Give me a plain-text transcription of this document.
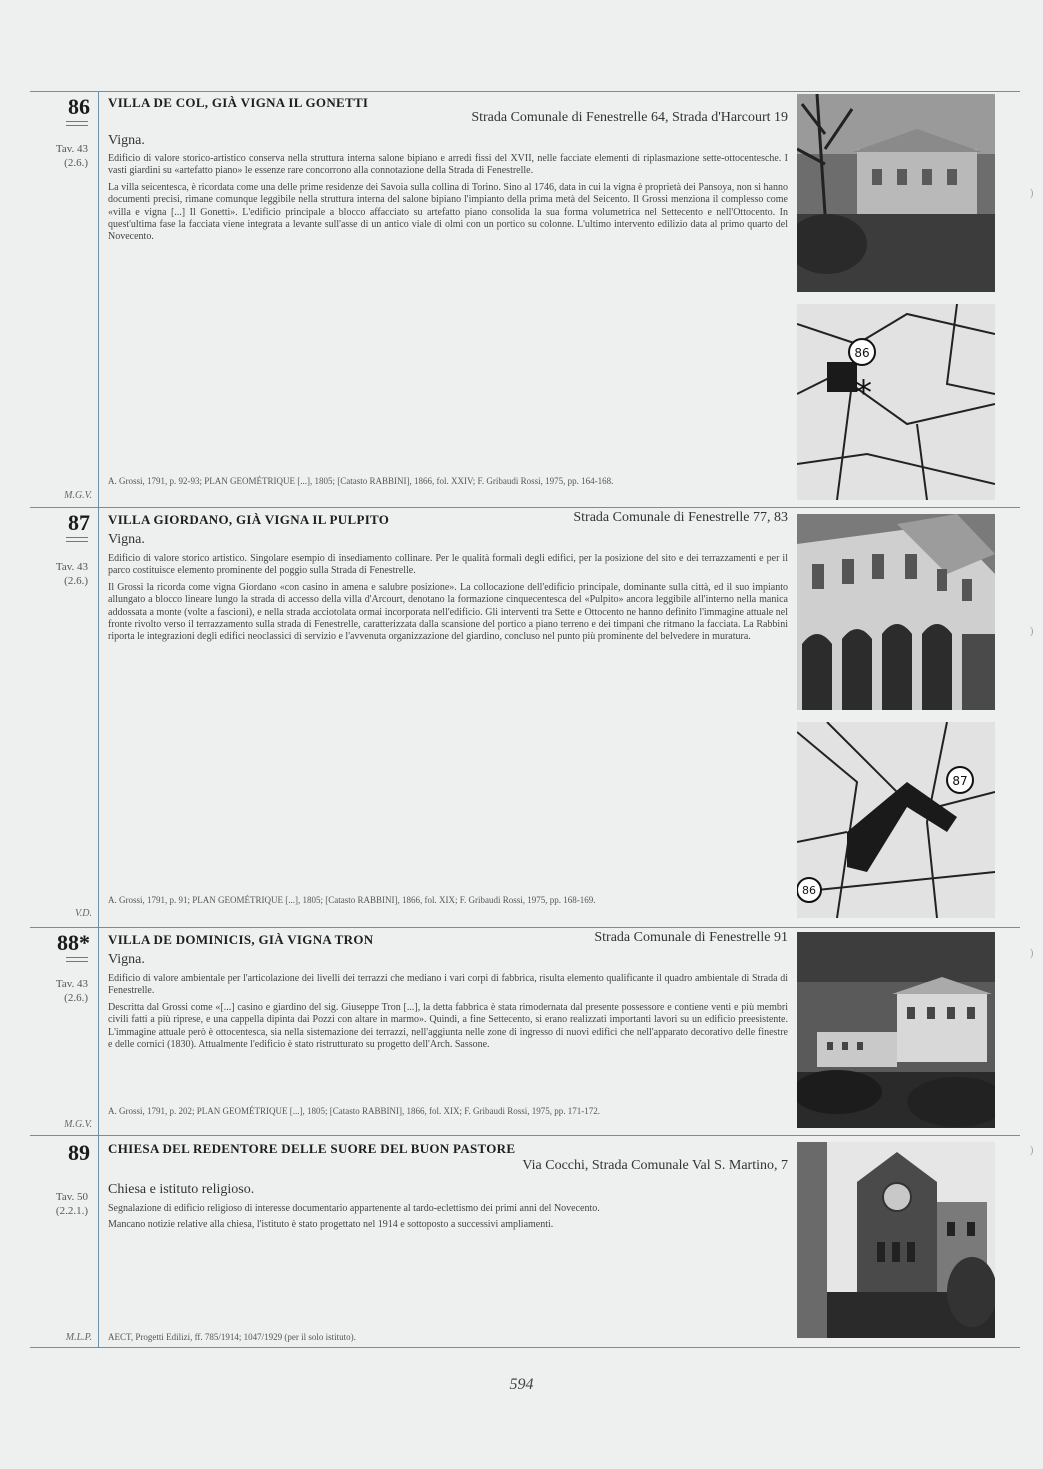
86
Tav. 43
(2.6.)
M.G.V.
VILLA DE COL, GIÀ VIGNA IL GONETTI
Strada Comunale di Fenestrelle 64, Strada d'Harcourt 19
Vigna.

Edificio di valore storico-artistico conserva nella struttura interna salone bipiano e arredi fissi del XVII, nelle facciate elementi di riplasmazione sette-ottocentesche. I vasti giardini su «artefatto piano» le essenze rare concorrono alla connotazione della Strada di Fenestrelle.

La villa seicentesca, è ricordata come una delle prime residenze dei Savoia sulla collina di Torino. Sino al 1746, data in cui la vigna è proprietà dei Pansoya, non si hanno documenti precisi, rimane comunque leggibile nella struttura interna del salone bipiano l'impianto della prima metà del Seicento. Il Grossi menziona il complesso come «villa e vigna [...] Il Gonetti». L'edificio principale a blocco affacciato su artefatto piano consolida la sua forma volumetrica nel Settecento e nell'Ottocento. In quest'ultima fase la facciata viene integrata a levante sull'asse di un antico viale di olmi con un portico su colonne. L'ultimo intervento edilizio data al primo quarto del Novecento.

A. Grossi, 1791, p. 92-93; PLAN GEOMÉTRIQUE [...], 1805; [Catasto RABBINI], 1866, fol. XXIV; F. Gribaudi Rossi, 1975, pp. 164-168.
*
86
87
Tav. 43
(2.6.)
V.D.
VILLA GIORDANO, GIÀ VIGNA IL PULPITO	Strada Comunale di Fenestrelle 77, 83
Vigna.

Edificio di valore storico artistico. Singolare esempio di insediamento collinare. Per le qualità formali degli edifici, per la posizione del sito e dei terrazzamenti e per il parco costituisce elemento prominente del poggio sulla Strada di Fenestrelle.

Il Grossi la ricorda come vigna Giordano «con casino in amena e salubre posizione». La collocazione dell'edificio principale, dominante sulla città, ed il suo impianto allungato a blocco lineare lungo la strada di accesso della villa d'Arcourt, denotano la formazione cinquecentesca del «Pulpito» ancora leggibile all'interno nella manica addossata a monte (volte a fascioni), e nella strada acciotolata ormai incorporata nell'edificio. Gli interventi tra Sette e Ottocento ne hanno definito l'immagine attuale nel fronte rivolto verso il terrazzamento sulla strada di Fenestrelle, caratterizzata dalla scansione del portico a piano terreno e dei timpani che ritmano la facciata. La Rabbini riporta le integrazioni degli edifici neoclassici di servizio e l'avvenuta organizzazione del giardino, concluso nel punto più prominente del belvedere in muratura.

A. Grossi, 1791, p. 91; PLAN GEOMÉTRIQUE [...], 1805; [Catasto RABBINI], 1866, fol. XIX; F. Gribaudi Rossi, 1975, pp. 168-169.
87
86
88*
Tav. 43
(2.6.)
M.G.V.
VILLA DE DOMINICIS, GIÀ VIGNA TRON	Strada Comunale di Fenestrelle 91
Vigna.

Edificio di valore ambientale per l'articolazione dei livelli dei terrazzi che mediano i vari corpi di fabbrica, risulta elemento qualificante il quadro ambientale di Strada di Fenestrelle.

Descritta dal Grossi come «[...] casino e giardino del sig. Giuseppe Tron [...], la detta fabbrica è stata rimodernata dal presente possessore e contiene venti e più membri civili fatti a più riprese, e una cappella dipinta dai Pozzi con altare in marmo». Quindi, a fine Settecento, si erano realizzati importanti lavori su un edificio preesistente. L'immagine attuale però è ottocentesca, sia nella sistemazione dei terrazzi, nell'aggiunta nelle zone di ingresso di nuovi edifici che nell'apparato decorativo delle finestre e delle cornici (1830). Attualmente l'edificio è stato ristrutturato su progetto dell'Arch. Sassone.

A. Grossi, 1791, p. 202; PLAN GEOMÉTRIQUE [...], 1805; [Catasto RABBINI], 1866, fol. XIX; F. Gribaudi Rossi, 1975, pp. 171-172.
89
Tav. 50
(2.2.1.)
M.L.P.
CHIESA DEL REDENTORE DELLE SUORE DEL BUON PASTORE
Via Cocchi, Strada Comunale Val S. Martino, 7
Chiesa e istituto religioso.

Segnalazione di edificio religioso di interesse documentario appartenente al tardo-eclettismo dei primi anni del Novecento.

Mancano notizie relative alla chiesa, l'istituto è stato progettato nel 1914 e sottoposto a successivi ampliamenti.

AECT, Progetti Edilizi, ff. 785/1914; 1047/1929 (per il solo istituto).
)
)
)
)
594
